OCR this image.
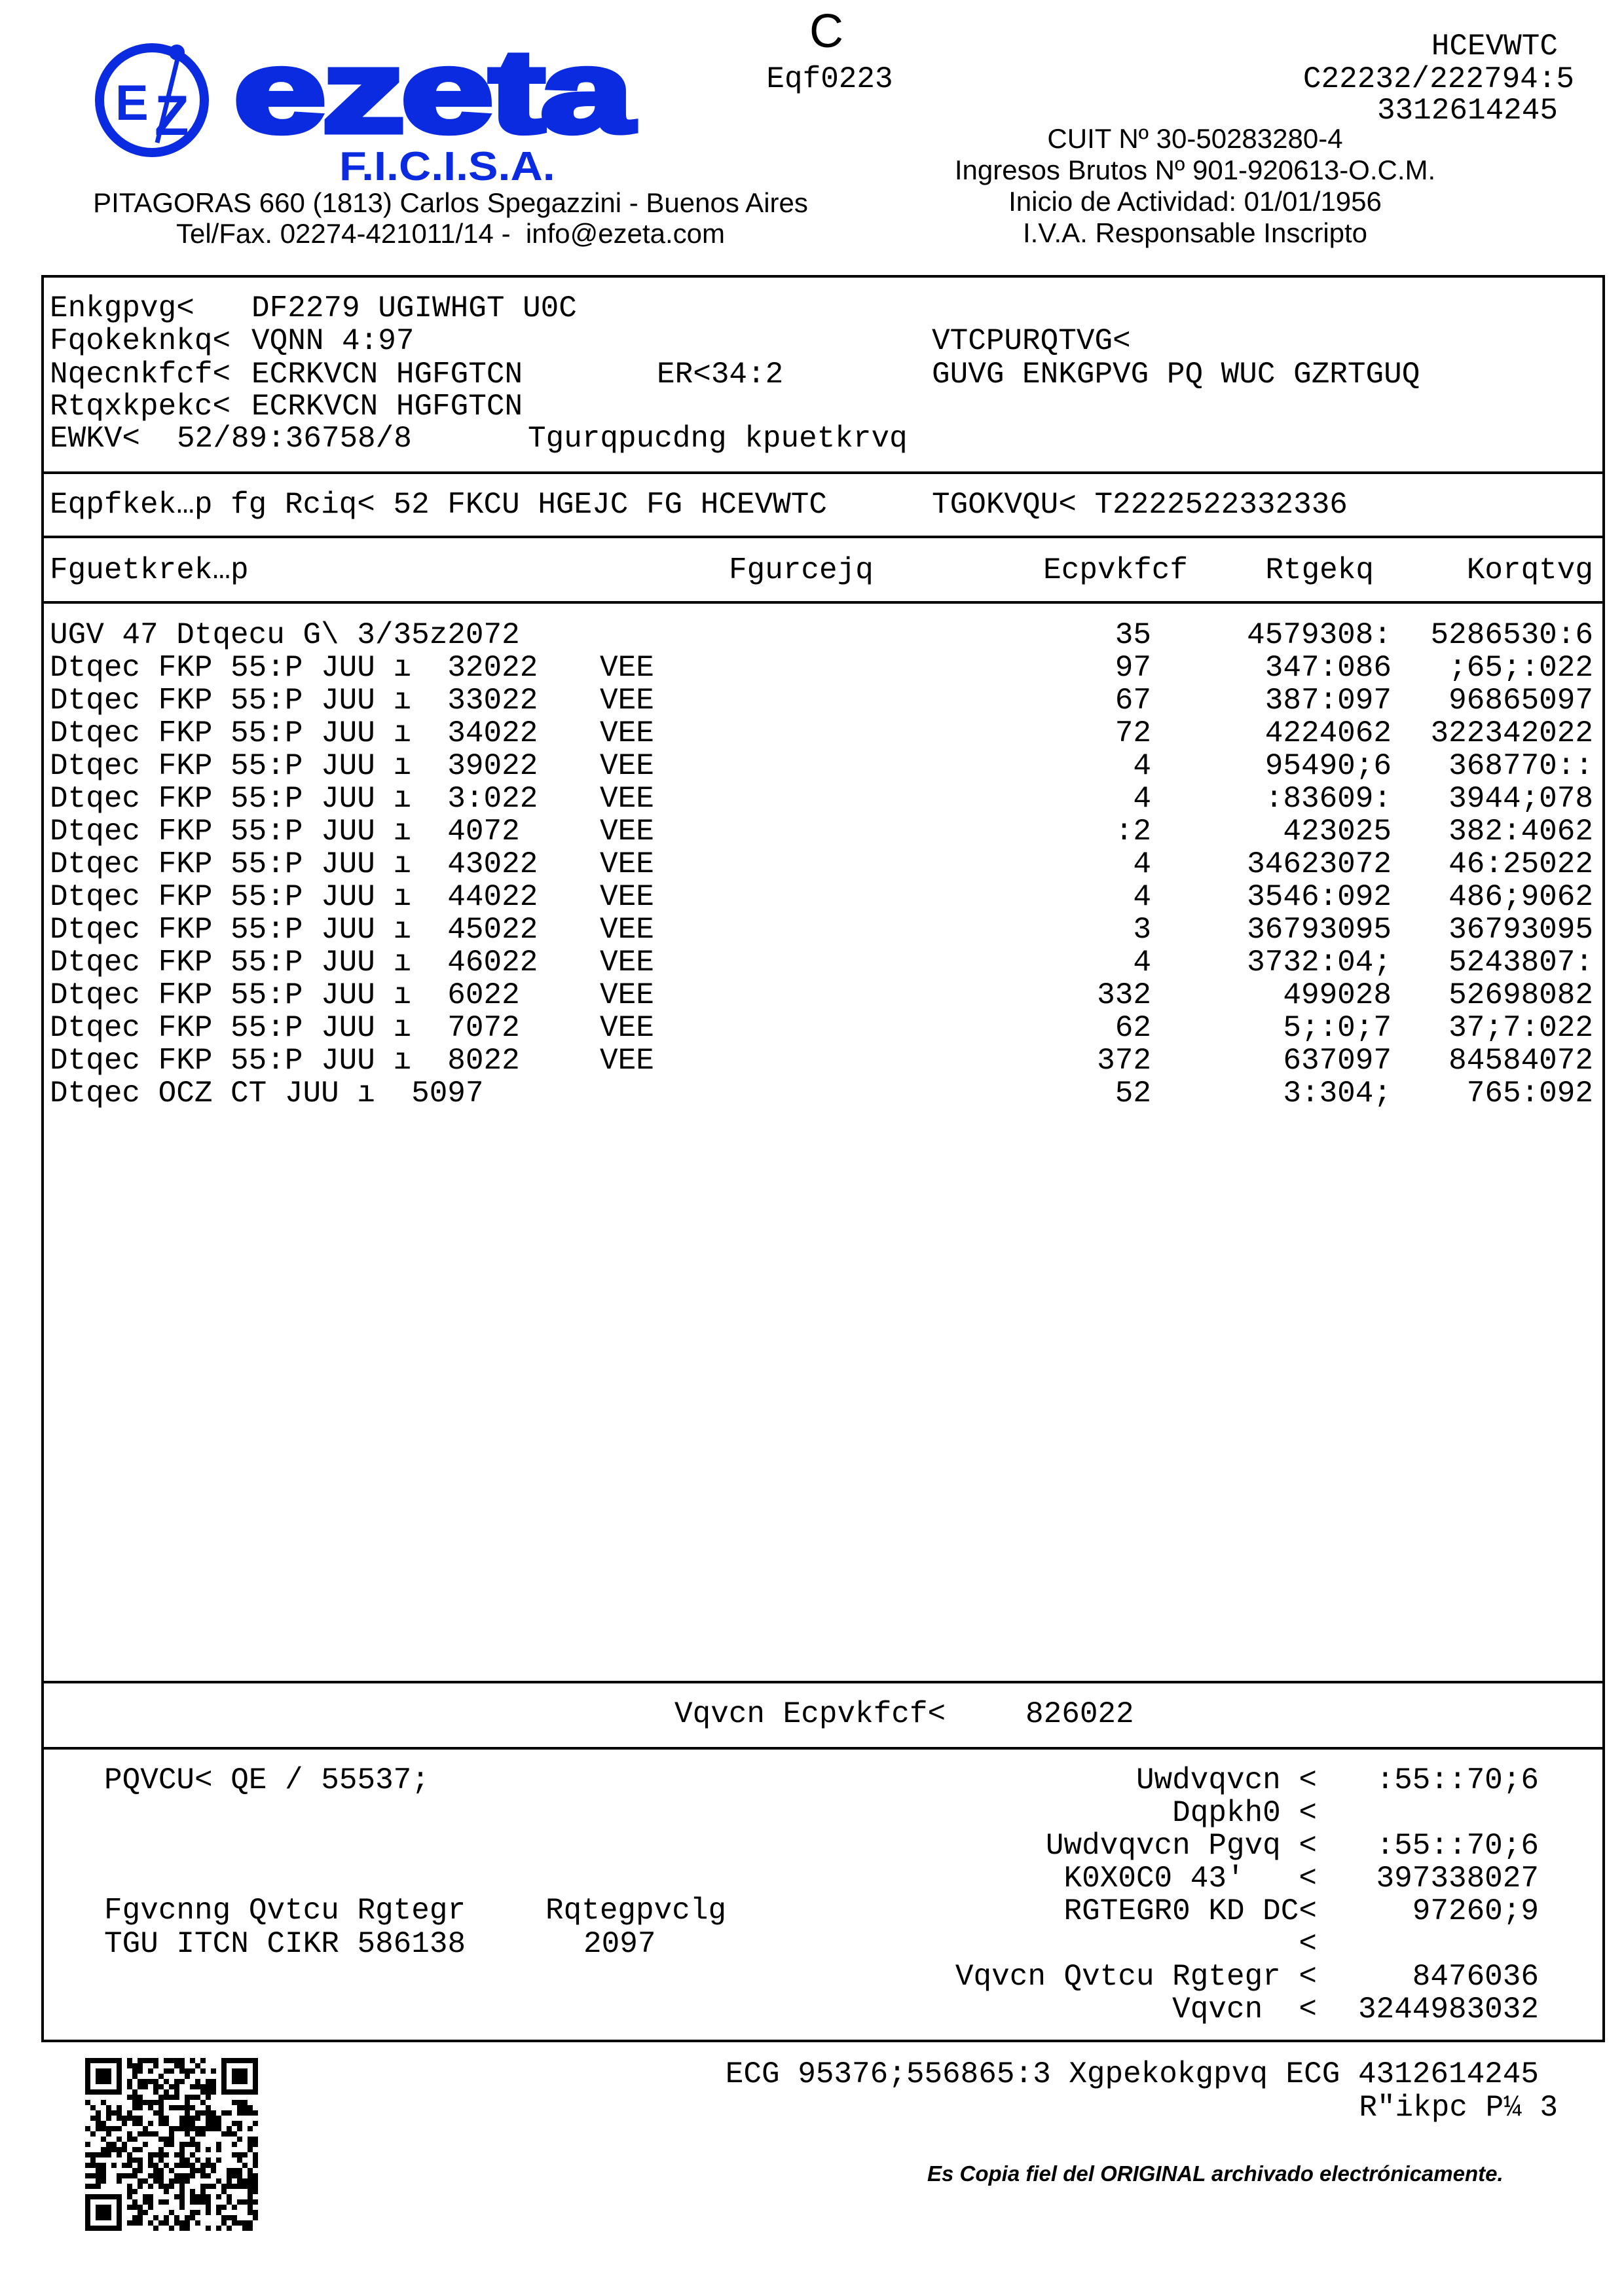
E Z ezeta
F.I.C.I.S.A.
PITAGORAS 660 (1813) Carlos Spegazzini - Buenos Aires
Tel/Fax. 02274-421011/14 -  info@ezeta.com
C
Eqf0223
HCEVWTC
C22232/222794:5
3312614245
CUIT Nº 30-50283280-4
Ingresos Brutos Nº 901-920613-O.C.M.
Inicio de Actividad: 01/01/1956
I.V.A. Responsable Inscripto
Enkgpvg< DF2279 UGIWHGT U0C
Fqokeknkq< VQNN 4:97	VTCPURQTVG<
Nqecnkfcf< ECRKVCN HGFGTCN	ER<34:2	GUVG ENKGPVG PQ WUC GZRTGUQ
Rtqxkpekc< ECRKVCN HGFGTCN
EWKV< 52/89:36758/8	Tgurqpucdng kpuetkrvq
Eqpfkek…p fg Rciq< 52 FKCU HGEJC FG HCEVWTC	TGOKVQU< T2222522332336
Fguetkrek…p	Fgurcejq	Ecpvkfcf	Rtgekq	Korqtvg
UGV 47 Dtqecu G\ 3/35z2072	35	4579308: 5286530:6
Dtqec FKP 55:P JUU ı  32022 VEE	97	347:086 ;65;:022
Dtqec FKP 55:P JUU ı  33022 VEE	67	387:097 96865097
Dtqec FKP 55:P JUU ı  34022 VEE	72	4224062 322342022
Dtqec FKP 55:P JUU ı  39022 VEE	4	95490;6 368770::
Dtqec FKP 55:P JUU ı  3:022 VEE	4	:83609: 3944;078
Dtqec FKP 55:P JUU ı  4072	VEE	:2	423025 382:4062
Dtqec FKP 55:P JUU ı  43022 VEE	4	34623072 46:25022
Dtqec FKP 55:P JUU ı  44022 VEE	4	3546:092 486;9062
Dtqec FKP 55:P JUU ı  45022 VEE	3	36793095 36793095
Dtqec FKP 55:P JUU ı  46022 VEE	4	3732:04; 5243807:
Dtqec FKP 55:P JUU ı  6022	VEE	332	499028 52698082
Dtqec FKP 55:P JUU ı  7072	VEE	62	5;:0;7 37;7:022
Dtqec FKP 55:P JUU ı  8022	VEE	372	637097 84584072
Dtqec OCZ CT JUU ı  5097	52	3:304; 765:092
Vqvcn Ecpvkfcf<	826022
PQVCU< QE / 55537;
Fgvcnng Qvtcu Rgtegr	Rqtegpvclg
TGU ITCN CIKR 586138	2097
Uwdvqvcn < :55::70;6
Dqpkh0 <
Uwdvqvcn Pgvq < :55::70;6
K0X0C0 43'   < 397338027
RGTEGR0 KD DC<	97260;9
<
Vqvcn Qvtcu Rgtegr <	8476036
Vqvcn  < 3244983032
ECG 95376;556865:3 Xgpekokgpvq ECG 4312614245
R"ikpc P¼ 3
Es Copia fiel del ORIGINAL archivado electrónicamente.
